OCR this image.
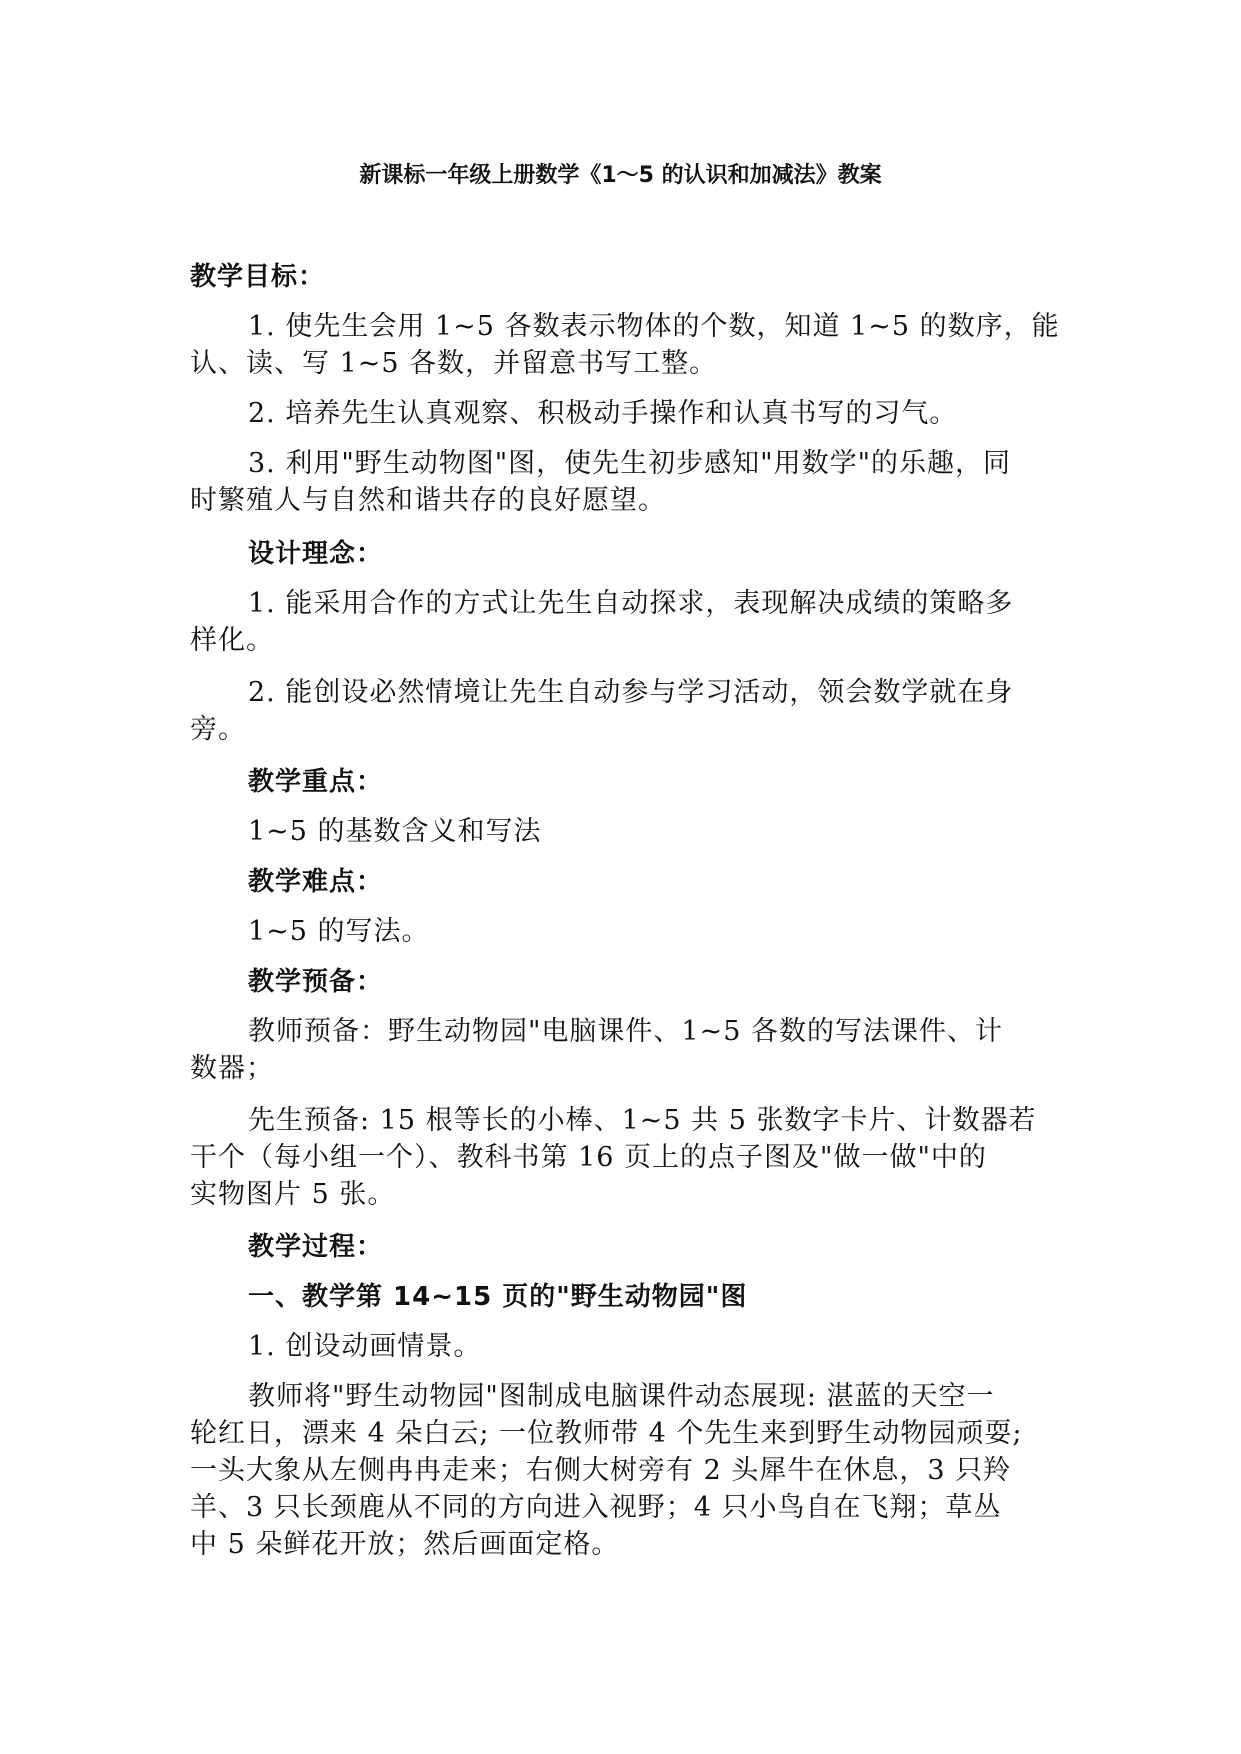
新课标一年级上册数学《1～5 的认识和加减法》教案
教学目标：
1. 使先生会用 1~5 各数表示物体的个数，知道 1~5 的数序，能
认、读、写 1~5 各数，并留意书写工整。
2. 培养先生认真观察、积极动手操作和认真书写的习气。
3. 利用"野生动物图"图，使先生初步感知"用数学"的乐趣，同
时繁殖人与自然和谐共存的良好愿望。
设计理念：
1. 能采用合作的方式让先生自动探求，表现解决成绩的策略多
样化。
2. 能创设必然情境让先生自动参与学习活动，领会数学就在身
旁。
教学重点：
1~5 的基数含义和写法
教学难点：
1~5 的写法。
教学预备：
教师预备：野生动物园"电脑课件、1~5 各数的写法课件、计
数器；
先生预备: 15 根等长的小棒、1~5 共 5 张数字卡片、计数器若
干个（每小组一个）、教科书第 16 页上的点子图及"做一做"中的
实物图片 5 张。
教学过程：
一、教学第 14~15 页的"野生动物园"图
1. 创设动画情景。
教师将"野生动物园"图制成电脑课件动态展现: 湛蓝的天空一
轮红日，漂来 4 朵白云; 一位教师带 4 个先生来到野生动物园顽耍;
一头大象从左侧冉冉走来；右侧大树旁有 2 头犀牛在休息，3 只羚
羊、3 只长颈鹿从不同的方向进入视野；4 只小鸟自在飞翔；草丛
中 5 朵鲜花开放；然后画面定格。
